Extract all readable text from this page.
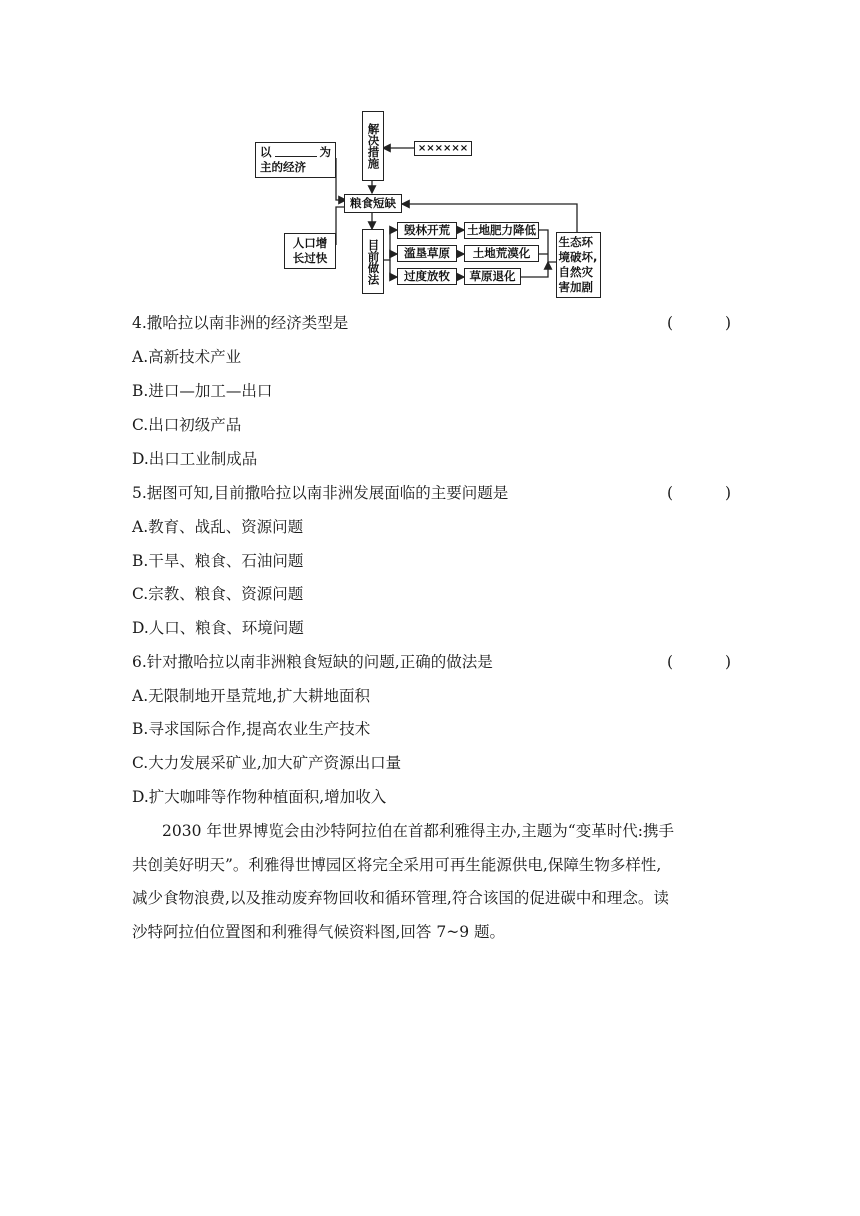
以	为
主的经济
人口增长过快
解决措施	××××××
粮食短缺
目前做法
毁林开荒
滥垦草原
过度放牧
土地肥力降低
土地荒漠化
草原退化
生态环境破坏,自然灾害加剧
4.撒哈拉以南非洲的经济类型是	(	)
A.高新技术产业
B.进口—加工—出口
C.出口初级产品
D.出口工业制成品
5.据图可知,目前撒哈拉以南非洲发展面临的主要问题是	(	)
A.教育、战乱、资源问题
B.干旱、粮食、石油问题
C.宗教、粮食、资源问题
D.人口、粮食、环境问题
6.针对撒哈拉以南非洲粮食短缺的问题,正确的做法是	(	)
A.无限制地开垦荒地,扩大耕地面积
B.寻求国际合作,提高农业生产技术
C.大力发展采矿业,加大矿产资源出口量
D.扩大咖啡等作物种植面积,增加收入
2030 年世界博览会由沙特阿拉伯在首都利雅得主办,主题为“变革时代:携手
共创美好明天”。利雅得世博园区将完全采用可再生能源供电,保障生物多样性,
减少食物浪费,以及推动废弃物回收和循环管理,符合该国的促进碳中和理念。读
沙特阿拉伯位置图和利雅得气候资料图,回答 7~9 题。
